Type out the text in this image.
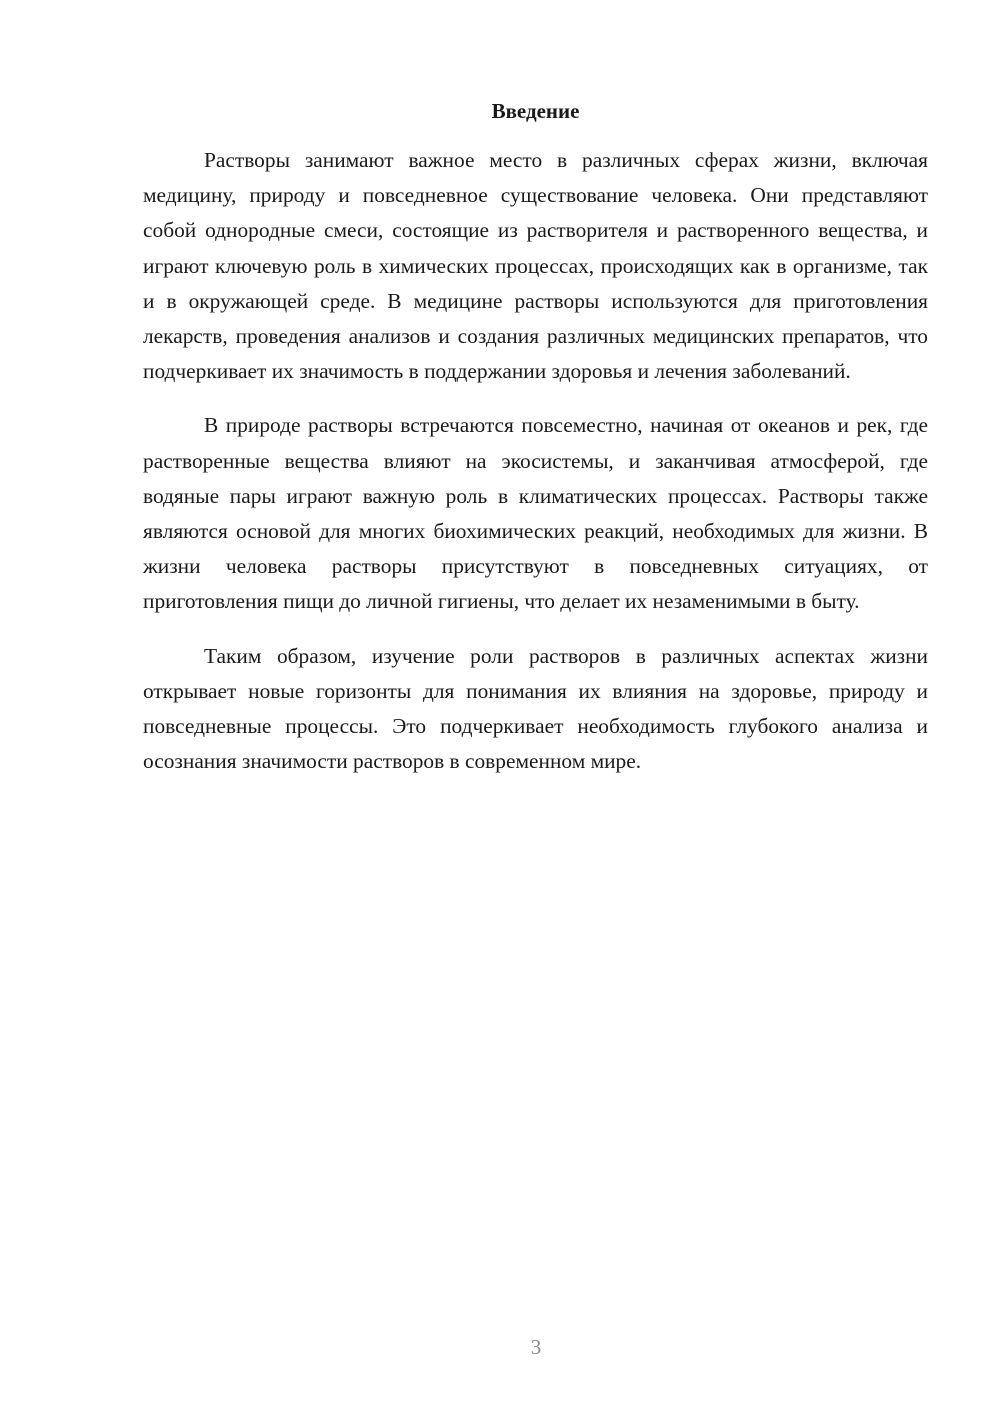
Введение

Растворы занимают важное место в различных сферах жизни, включая медицину, природу и повседневное существование человека. Они представляют собой однородные смеси, состоящие из растворителя и растворенного вещества, и играют ключевую роль в химических процессах, происходящих как в организме, так и в окружающей среде. В медицине растворы используются для приготовления лекарств, проведения анализов и создания различных медицинских препаратов, что подчеркивает их значимость в поддержании здоровья и лечения заболеваний.

В природе растворы встречаются повсеместно, начиная от океанов и рек, где растворенные вещества влияют на экосистемы, и заканчивая атмосферой, где водяные пары играют важную роль в климатических процессах. Растворы также являются основой для многих биохимических реакций, необходимых для жизни. В жизни человека растворы присутствуют в повседневных ситуациях, от приготовления пищи до личной гигиены, что делает их незаменимыми в быту.

Таким образом, изучение роли растворов в различных аспектах жизни открывает новые горизонты для понимания их влияния на здоровье, природу и повседневные процессы. Это подчеркивает необходимость глубокого анализа и осознания значимости растворов в современном мире.

3
